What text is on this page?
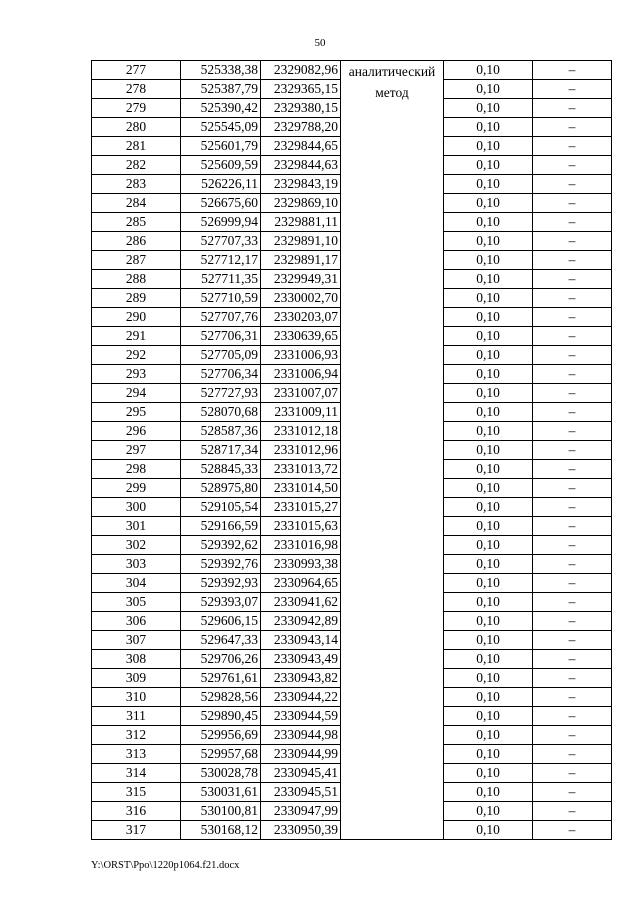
50
277	525338,38	2329082,96	аналитический метод	0,10	–
278	525387,79	2329365,15		0,10	–
279	525390,42	2329380,15		0,10	–
280	525545,09	2329788,20		0,10	–
281	525601,79	2329844,65		0,10	–
282	525609,59	2329844,63		0,10	–
283	526226,11	2329843,19		0,10	–
284	526675,60	2329869,10		0,10	–
285	526999,94	2329881,11		0,10	–
286	527707,33	2329891,10		0,10	–
287	527712,17	2329891,17		0,10	–
288	527711,35	2329949,31		0,10	–
289	527710,59	2330002,70		0,10	–
290	527707,76	2330203,07		0,10	–
291	527706,31	2330639,65		0,10	–
292	527705,09	2331006,93		0,10	–
293	527706,34	2331006,94		0,10	–
294	527727,93	2331007,07		0,10	–
295	528070,68	2331009,11		0,10	–
296	528587,36	2331012,18		0,10	–
297	528717,34	2331012,96		0,10	–
298	528845,33	2331013,72		0,10	–
299	528975,80	2331014,50		0,10	–
300	529105,54	2331015,27		0,10	–
301	529166,59	2331015,63		0,10	–
302	529392,62	2331016,98		0,10	–
303	529392,76	2330993,38		0,10	–
304	529392,93	2330964,65		0,10	–
305	529393,07	2330941,62		0,10	–
306	529606,15	2330942,89		0,10	–
307	529647,33	2330943,14		0,10	–
308	529706,26	2330943,49		0,10	–
309	529761,61	2330943,82		0,10	–
310	529828,56	2330944,22		0,10	–
311	529890,45	2330944,59		0,10	–
312	529956,69	2330944,98		0,10	–
313	529957,68	2330944,99		0,10	–
314	530028,78	2330945,41		0,10	–
315	530031,61	2330945,51		0,10	–
316	530100,81	2330947,99		0,10	–
317	530168,12	2330950,39		0,10	–
Y:\ORST\Ppo\1220p1064.f21.docx
